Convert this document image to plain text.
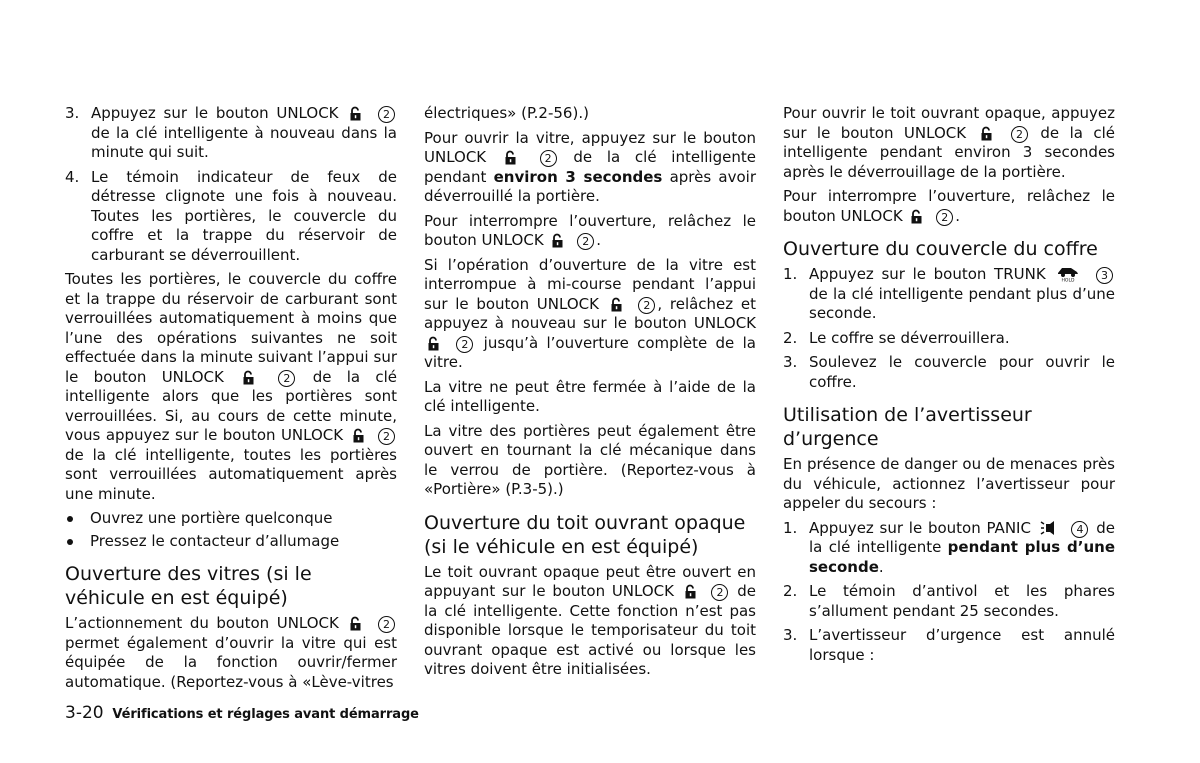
3. Appuyez sur le bouton UNLOCK	2 de la clé intelligente à nouveau dans la minute qui suit.
4. Le témoin indicateur de feux de détresse clignote une fois à nouveau. Toutes les portières, le couvercle du coffre et la trappe du réservoir de carburant se déverrouillent.

Toutes les portières, le couvercle du coffre et la trappe du réservoir de carburant sont verrouillées automatiquement à moins que l’une des opérations suivantes ne soit effectuée dans la minute suivant l’appui sur le bouton UNLOCK	2 de la clé intelligente alors que les portières sont verrouillées. Si, au cours de cette minute, vous appuyez sur le bouton UNLOCK	2 de la clé intelligente, toutes les portières sont verrouillées automatiquement après une minute.

Ouvrez une portière quelconque
Pressez le contacteur d’allumage
Ouverture des vitres (si le véhicule en est équipé)

L’actionnement du bouton UNLOCK	2 permet également d’ouvrir la vitre qui est équipée de la fonction ouvrir/fermer automatique. (Reportez-vous à «Lève-vitres

électriques» (P.2-56).)

Pour ouvrir la vitre, appuyez sur le bouton UNLOCK	2 de la clé intelligente pendant environ 3 secondes après avoir déverrouillé la portière.

Pour interrompre l’ouverture, relâchez le bouton UNLOCK	2 .

Si l’opération d’ouverture de la vitre est interrompue à mi-course pendant l’appui sur le bouton UNLOCK	2 , relâchez et appuyez à nouveau sur le bouton UNLOCK  2 jusqu’à l’ouverture complète de la vitre.

La vitre ne peut être fermée à l’aide de la clé intelligente.

La vitre des portières peut également être ouvert en tournant la clé mécanique dans le verrou de portière. (Reportez-vous à «Portière» (P.3-5).)

Ouverture du toit ouvrant opaque (si le véhicule en est équipé)

Le toit ouvrant opaque peut être ouvert en appuyant sur le bouton UNLOCK	2 de la clé intelligente. Cette fonction n’est pas disponible lorsque le temporisateur du toit ouvrant opaque est activé ou lorsque les vitres doivent être initialisées.

Pour ouvrir le toit ouvrant opaque, appuyez sur le bouton UNLOCK	2 de la clé intelligente pendant environ 3 secondes après le déverrouillage de la portière.

Pour interrompre l’ouverture, relâchez le bouton UNLOCK	2 .

Ouverture du couvercle du coffre
1. Appuyez sur le bouton TRUNK	HOLD 3 de la clé intelligente pendant plus d’une seconde.
2. Le coffre se déverrouillera.
3. Soulevez le couvercle pour ouvrir le coffre.
Utilisation de l’avertisseur d’urgence

En présence de danger ou de menaces près du véhicule, actionnez l’avertisseur pour appeler du secours :

1. Appuyez sur le bouton PANIC	4 de la clé intelligente pendant plus d’une seconde.
2. Le témoin d’antivol et les phares s’allument pendant 25 secondes.
3. L’avertisseur d’urgence est annulé lorsque :
3-20 Vérifications et réglages avant démarrage
